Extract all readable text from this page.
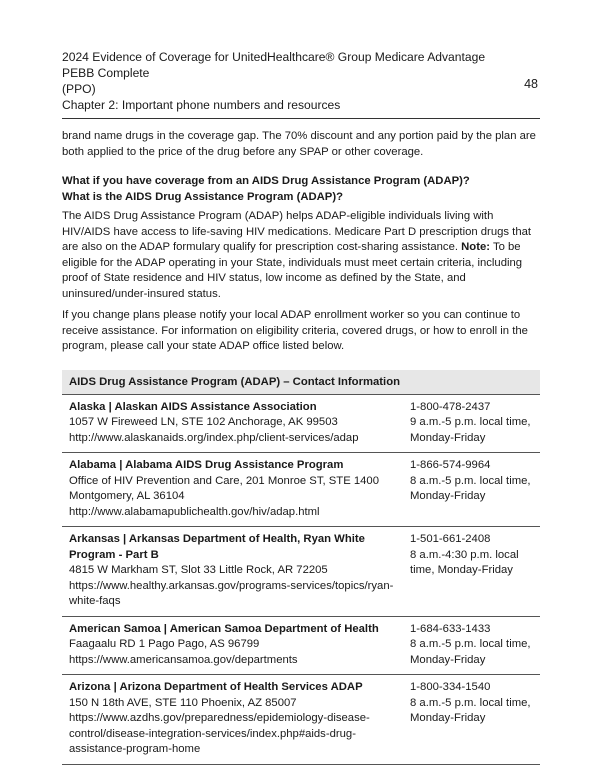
2024 Evidence of Coverage for UnitedHealthcare® Group Medicare Advantage PEBB Complete
(PPO)
Chapter 2: Important phone numbers and resources
48

brand name drugs in the coverage gap. The 70% discount and any portion paid by the plan are both applied to the price of the drug before any SPAP or other coverage.

What if you have coverage from an AIDS Drug Assistance Program (ADAP)?
What is the AIDS Drug Assistance Program (ADAP)?

The AIDS Drug Assistance Program (ADAP) helps ADAP-eligible individuals living with HIV/AIDS have access to life-saving HIV medications. Medicare Part D prescription drugs that are also on the ADAP formulary qualify for prescription cost-sharing assistance. Note: To be eligible for the ADAP operating in your State, individuals must meet certain criteria, including proof of State residence and HIV status, low income as defined by the State, and uninsured/under-insured status.

If you change plans please notify your local ADAP enrollment worker so you can continue to receive assistance. For information on eligibility criteria, covered drugs, or how to enroll in the program, please call your state ADAP office listed below.

AIDS Drug Assistance Program (ADAP) – Contact Information
Alaska | Alaskan AIDS Assistance Association
1057 W Fireweed LN, STE 102 Anchorage, AK 99503
http://www.alaskanaids.org/index.php/client-services/adap
1-800-478-2437
9 a.m.-5 p.m. local time, Monday-Friday
Alabama | Alabama AIDS Drug Assistance Program
Office of HIV Prevention and Care, 201 Monroe ST, STE 1400 Montgomery, AL 36104
http://www.alabamapublichealth.gov/hiv/adap.html
1-866-574-9964
8 a.m.-5 p.m. local time, Monday-Friday
Arkansas | Arkansas Department of Health, Ryan White Program - Part B
4815 W Markham ST, Slot 33 Little Rock, AR 72205
https://www.healthy.arkansas.gov/programs-services/topics/ryan-white-faqs
1-501-661-2408
8 a.m.-4:30 p.m. local time, Monday-Friday
American Samoa | American Samoa Department of Health
Faagaalu RD 1 Pago Pago, AS 96799
https://www.americansamoa.gov/departments
1-684-633-1433
8 a.m.-5 p.m. local time, Monday-Friday
Arizona | Arizona Department of Health Services ADAP
150 N 18th AVE, STE 110 Phoenix, AZ 85007
https://www.azdhs.gov/preparedness/epidemiology-disease-control/disease-integration-services/index.php#aids-drug-assistance-program-home
1-800-334-1540
8 a.m.-5 p.m. local time, Monday-Friday
